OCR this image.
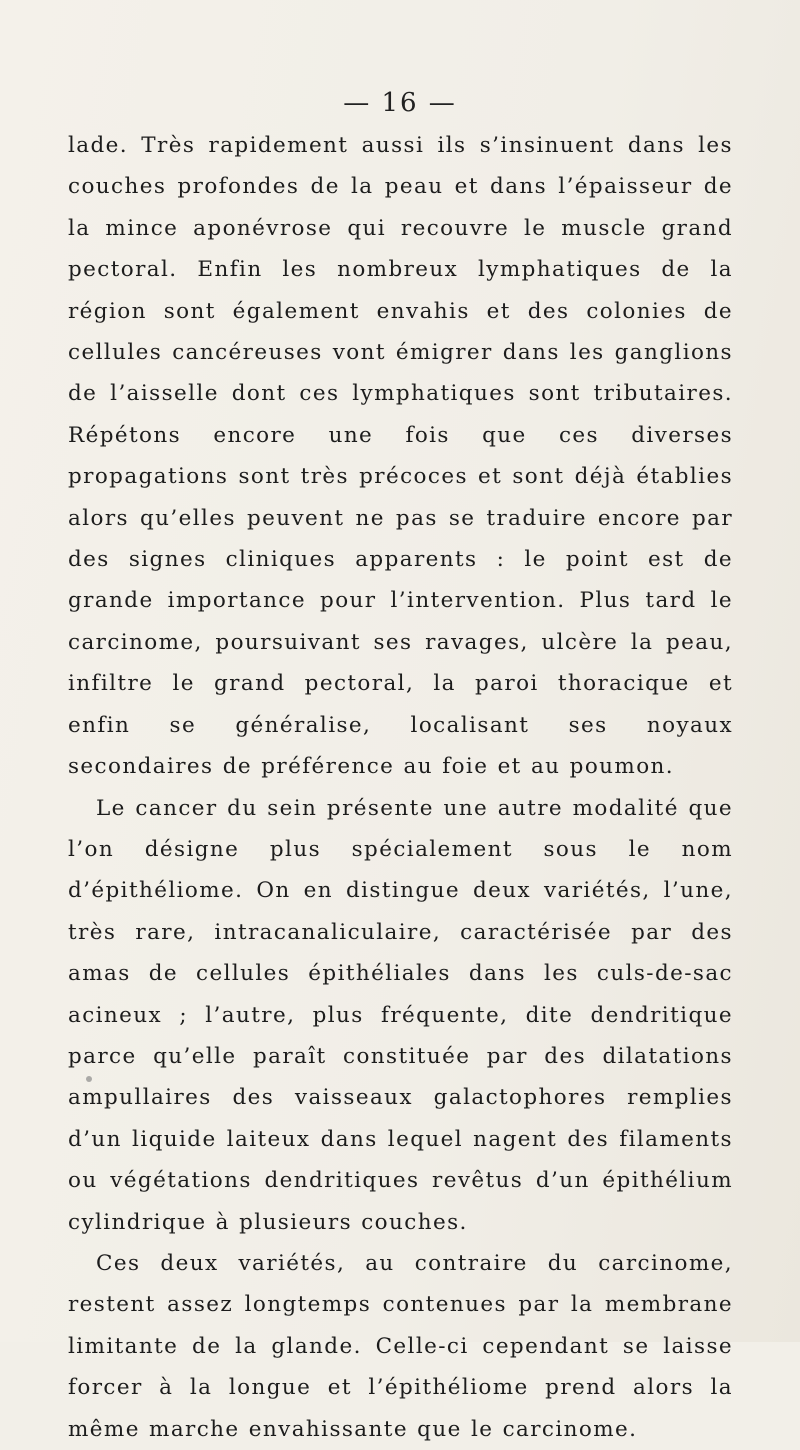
— 16 —

lade. Très rapidement aussi ils s’insinuent dans les couches profondes de la peau et dans l’épaisseur de la mince aponévrose qui recouvre le muscle grand pectoral. Enfin les nombreux lymphatiques de la région sont également envahis et des colonies de cellules cancéreuses vont émigrer dans les ganglions de l’aisselle dont ces lymphatiques sont tributaires. Répétons encore une fois que ces diverses propagations sont très précoces et sont déjà établies alors qu’elles peuvent ne pas se traduire encore par des signes cliniques apparents : le point est de grande importance pour l’intervention. Plus tard le carcinome, poursuivant ses ravages, ulcère la peau, infiltre le grand pectoral, la paroi thoracique et enfin se généralise, localisant ses noyaux secondaires de préférence au foie et au poumon.

Le cancer du sein présente une autre modalité que l’on désigne plus spécialement sous le nom d’épithéliome. On en distingue deux variétés, l’une, très rare, intracanaliculaire, caractérisée par des amas de cellules épithéliales dans les culs-de-sac acineux ; l’autre, plus fréquente, dite dendritique parce qu’elle paraît constituée par des dilatations ampullaires des vaisseaux galactophores remplies d’un liquide laiteux dans lequel nagent des filaments ou végétations dendritiques revêtus d’un épithélium cylindrique à plusieurs couches.

Ces deux variétés, au contraire du carcinome, restent assez longtemps contenues par la membrane limitante de la glande. Celle-ci cependant se laisse forcer à la longue et l’épithéliome prend alors la même marche envahissante que le carcinome.
